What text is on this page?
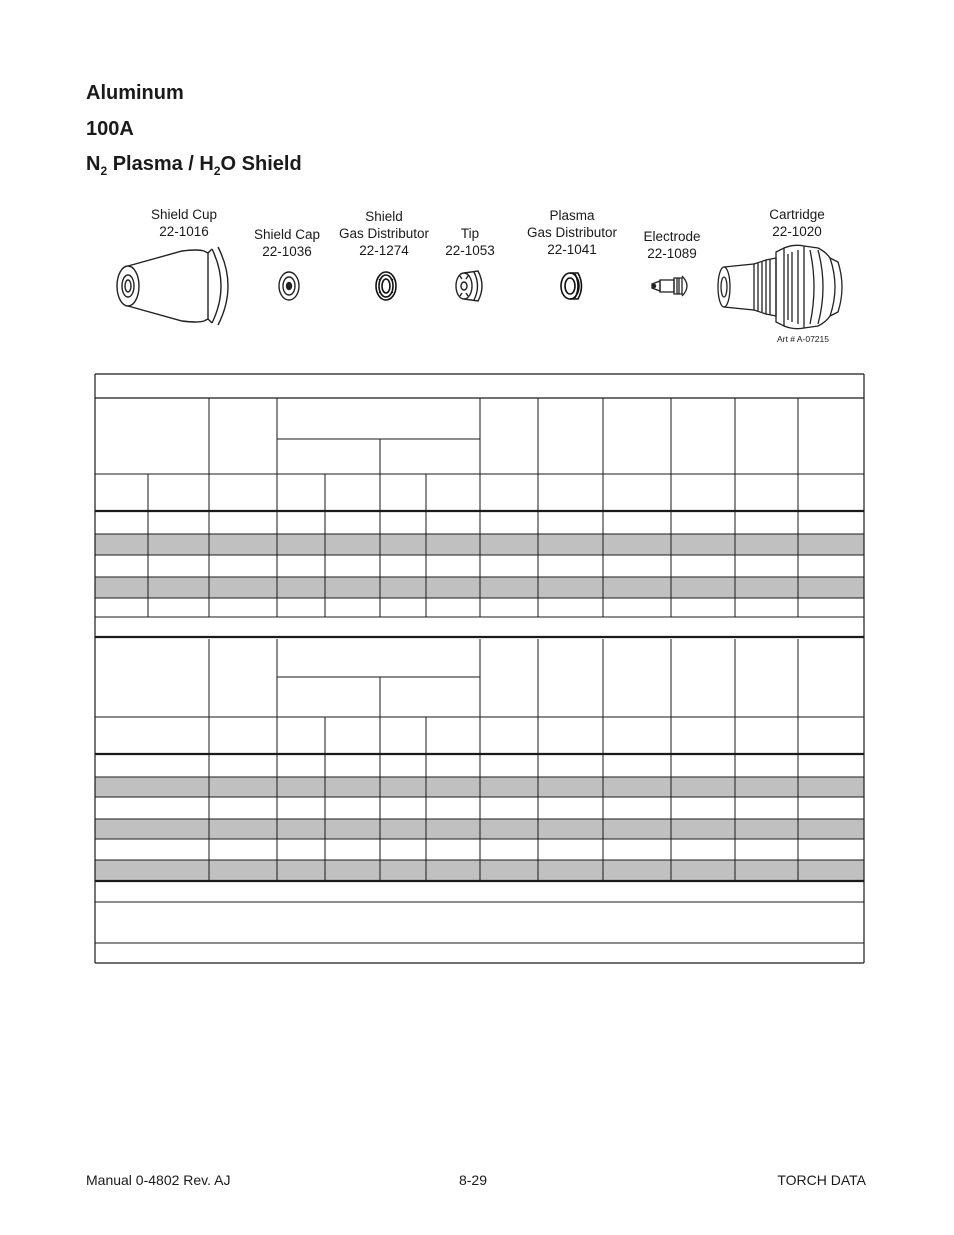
Aluminum
100A
$N_2$ Plasma / $H_2O$ Shield
Shield Cup
22-1016	Shield Cap
22-1036
Shield
Gas Distributor
22-1274
Tip
22-1053
Plasma
Gas Distributor
22-1041
Electrode
22-1089
Cartridge
22-1020
Art # A-07215
Manual 0-4802 Rev. AJ	8-29	TORCH DATA
